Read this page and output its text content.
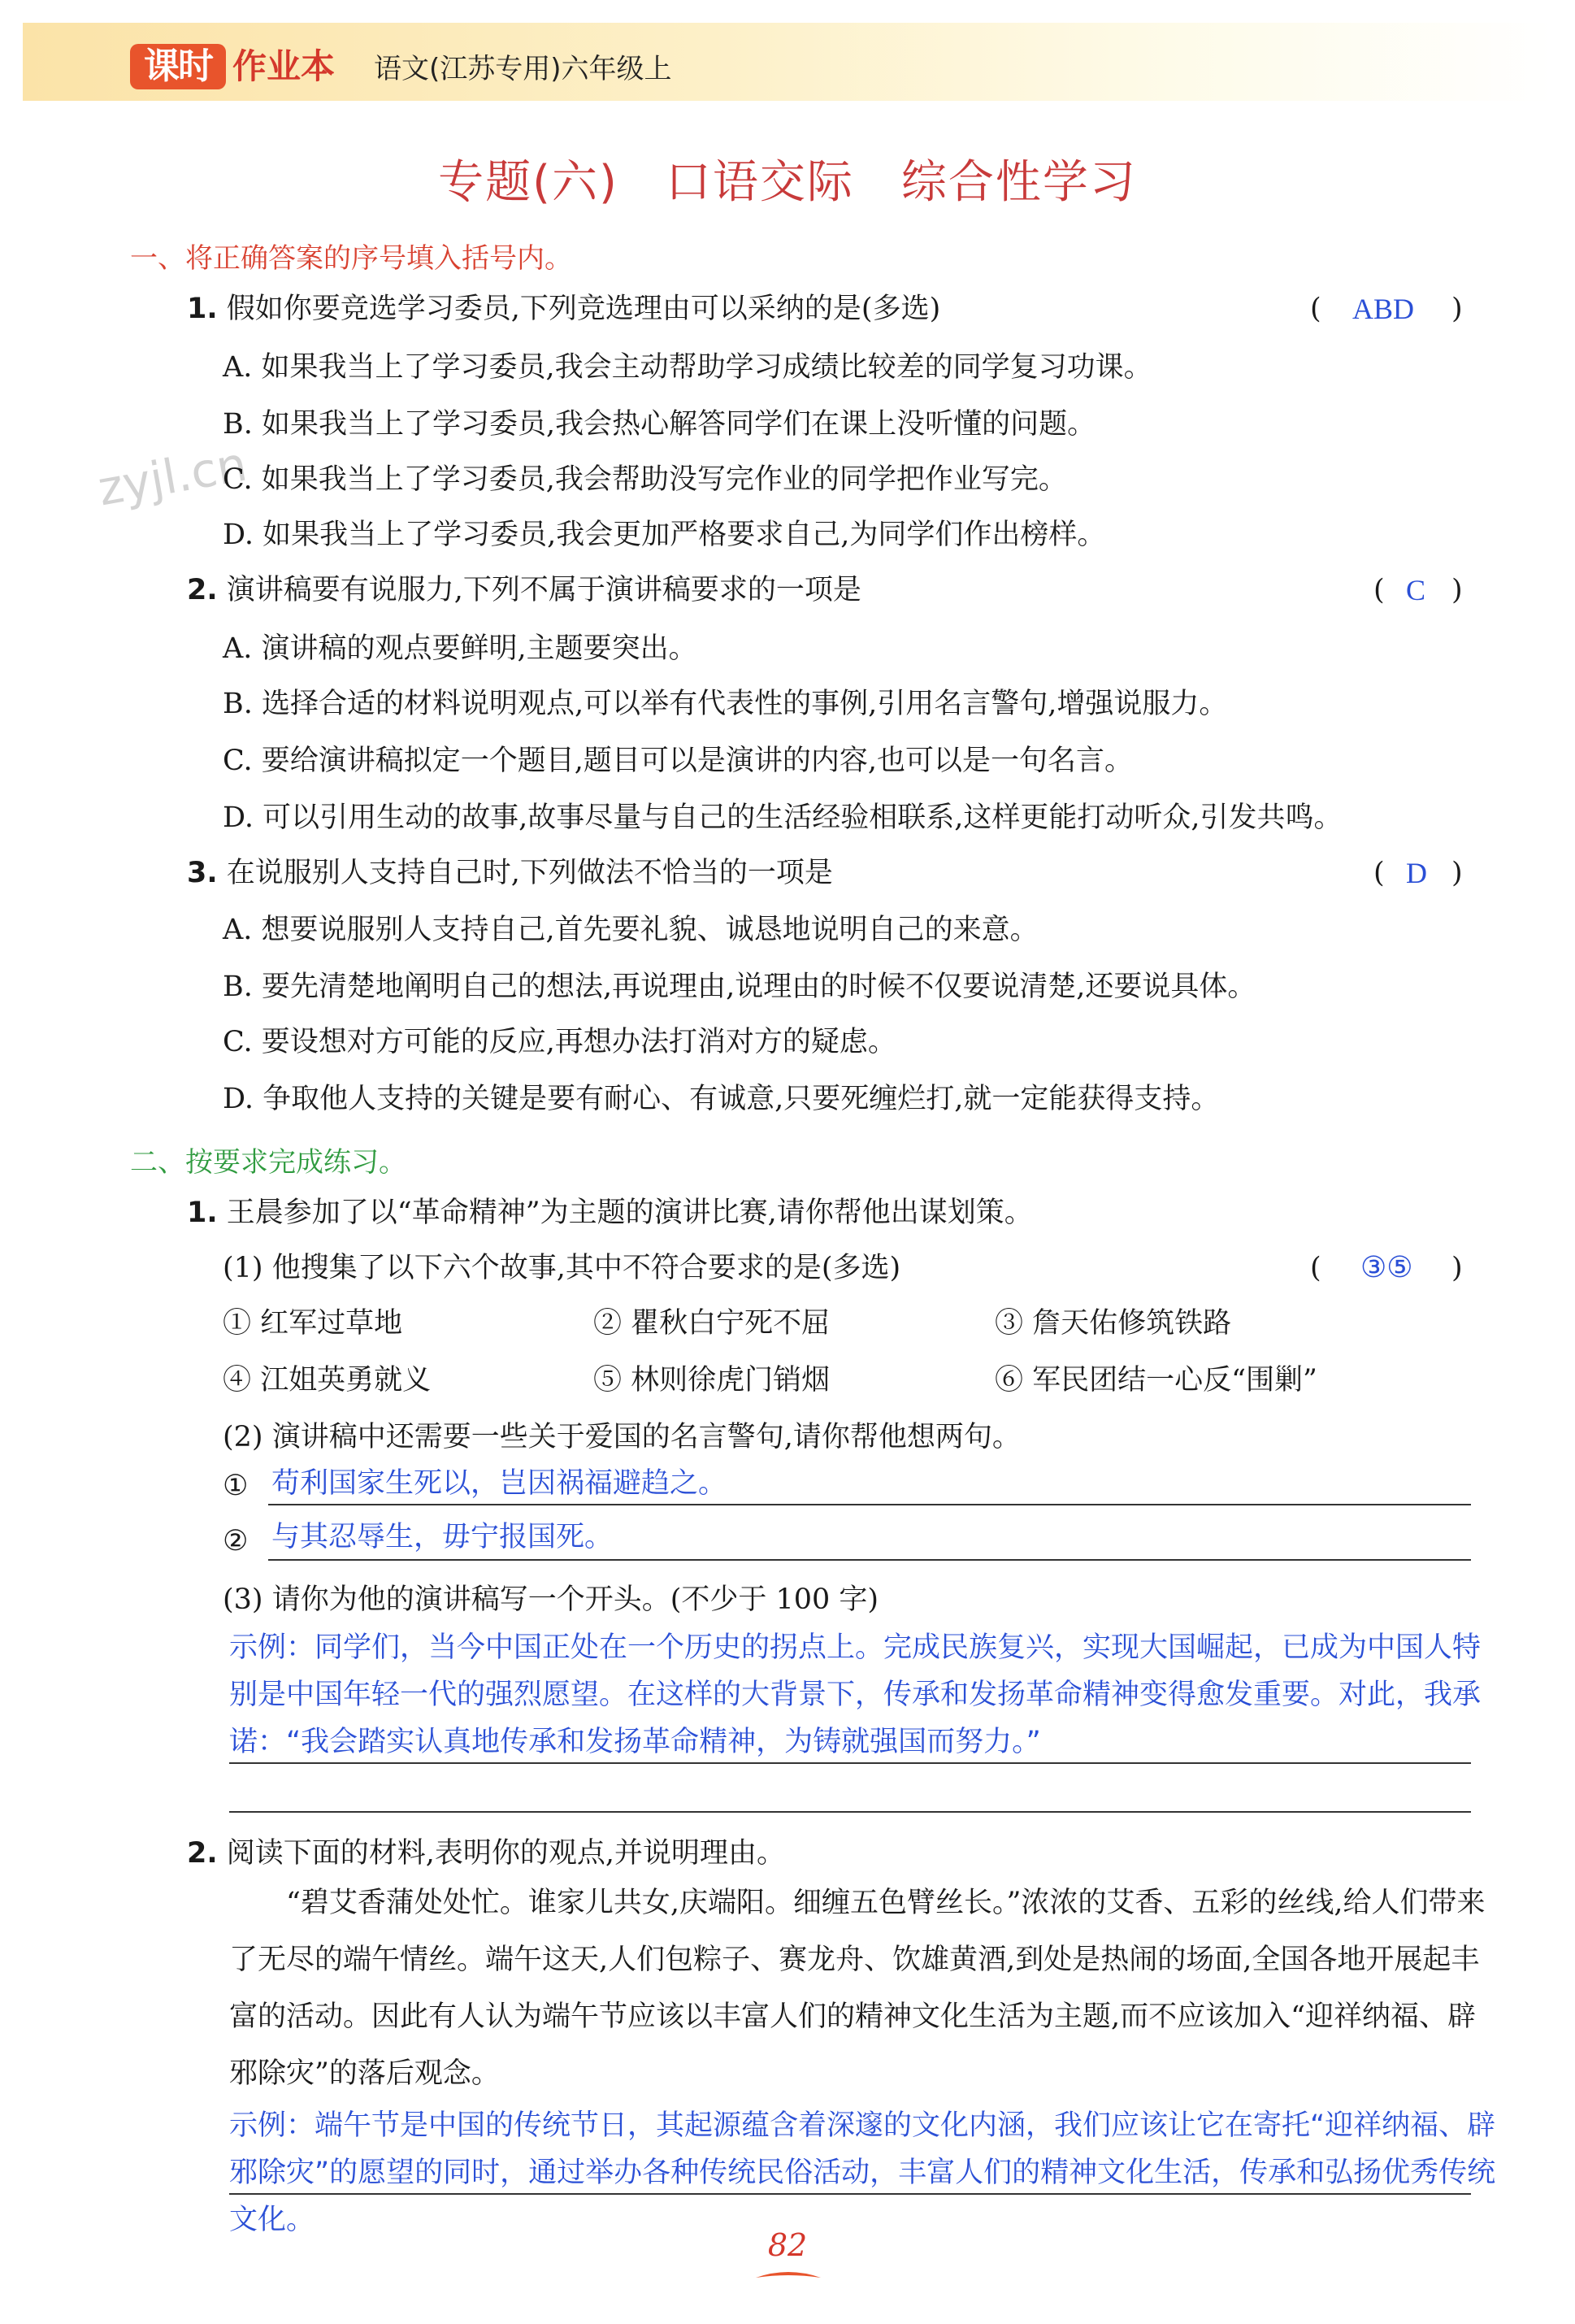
课时 作业本 语文(江苏专用)六年级上
专题(六)　口语交际　综合性学习
zyjl.cn
一、将正确答案的序号填入括号内。
1. 假如你要竞选学习委员,下列竞选理由可以采纳的是(多选)	( ABD )
A. 如果我当上了学习委员,我会主动帮助学习成绩比较差的同学复习功课。
B. 如果我当上了学习委员,我会热心解答同学们在课上没听懂的问题。
C. 如果我当上了学习委员,我会帮助没写完作业的同学把作业写完。
D. 如果我当上了学习委员,我会更加严格要求自己,为同学们作出榜样。
2. 演讲稿要有说服力,下列不属于演讲稿要求的一项是	( C )
A. 演讲稿的观点要鲜明,主题要突出。
B. 选择合适的材料说明观点,可以举有代表性的事例,引用名言警句,增强说服力。
C. 要给演讲稿拟定一个题目,题目可以是演讲的内容,也可以是一句名言。
D. 可以引用生动的故事,故事尽量与自己的生活经验相联系,这样更能打动听众,引发共鸣。
3. 在说服别人支持自己时,下列做法不恰当的一项是	( D )
A. 想要说服别人支持自己,首先要礼貌、诚恳地说明自己的来意。
B. 要先清楚地阐明自己的想法,再说理由,说理由的时候不仅要说清楚,还要说具体。
C. 要设想对方可能的反应,再想办法打消对方的疑虑。
D. 争取他人支持的关键是要有耐心、有诚意,只要死缠烂打,就一定能获得支持。
二、按要求完成练习。
1. 王晨参加了以“革命精神”为主题的演讲比赛,请你帮他出谋划策。
(1) 他搜集了以下六个故事,其中不符合要求的是(多选)	( ③⑤ )
① 红军过草地	② 瞿秋白宁死不屈	③ 詹天佑修筑铁路
④ 江姐英勇就义	⑤ 林则徐虎门销烟	⑥ 军民团结一心反“围剿”
(2) 演讲稿中还需要一些关于爱国的名言警句,请你帮他想两句。
① 苟利国家生死以，岂因祸福避趋之。
② 与其忍辱生，毋宁报国死。
(3) 请你为他的演讲稿写一个开头。(不少于 100 字)
示例：同学们，当今中国正处在一个历史的拐点上。完成民族复兴，实现大国崛起，已成为中国人特别是中国年轻一代的强烈愿望。在这样的大背景下，传承和发扬革命精神变得愈发重要。对此，我承诺：“我会踏实认真地传承和发扬革命精神，为铸就强国而努力。”
2. 阅读下面的材料,表明你的观点,并说明理由。
“碧艾香蒲处处忙。谁家儿共女,庆端阳。细缠五色臂丝长。”浓浓的艾香、五彩的丝线,给人们带来了无尽的端午情丝。端午这天,人们包粽子、赛龙舟、饮雄黄酒,到处是热闹的场面,全国各地开展起丰富的活动。因此有人认为端午节应该以丰富人们的精神文化生活为主题,而不应该加入“迎祥纳福、辟邪除灾”的落后观念。
示例：端午节是中国的传统节日，其起源蕴含着深邃的文化内涵，我们应该让它在寄托“迎祥纳福、辟邪除灾”的愿望的同时，通过举办各种传统民俗活动，丰富人们的精神文化生活，传承和弘扬优秀传统文化。
82
